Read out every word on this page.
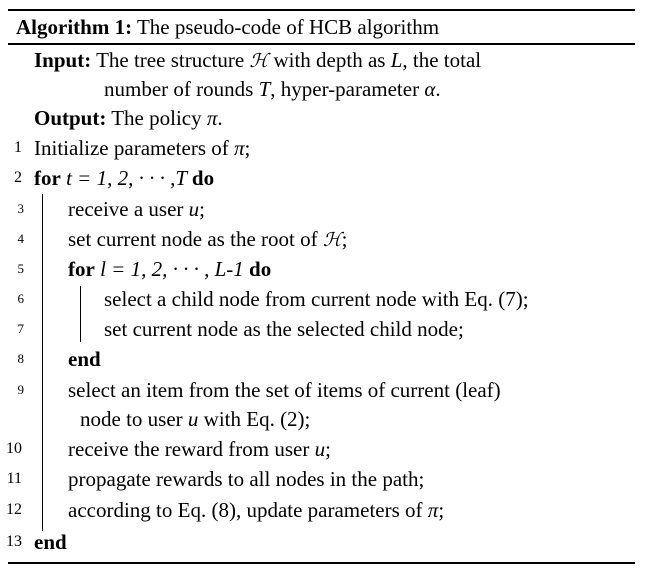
Algorithm 1: The pseudo-code of HCB algorithm
Input: The tree structure ℋ with depth as L, the total
number of rounds T, hyper-parameter α.
Output: The policy π.
1 Initialize parameters of π;
2 for t = 1, 2, · · · ,T do
3 receive a user u;
4 set current node as the root of ℋ;
5 for l = 1, 2, · · · , L-1 do
6	select a child node from current node with Eq. (7);
7	set current node as the selected child node;
8 end
9 select an item from the set of items of current (leaf)
node to user u with Eq. (2);
10 receive the reward from user u;
11 propagate rewards to all nodes in the path;
12 according to Eq. (8), update parameters of π;
13 end
